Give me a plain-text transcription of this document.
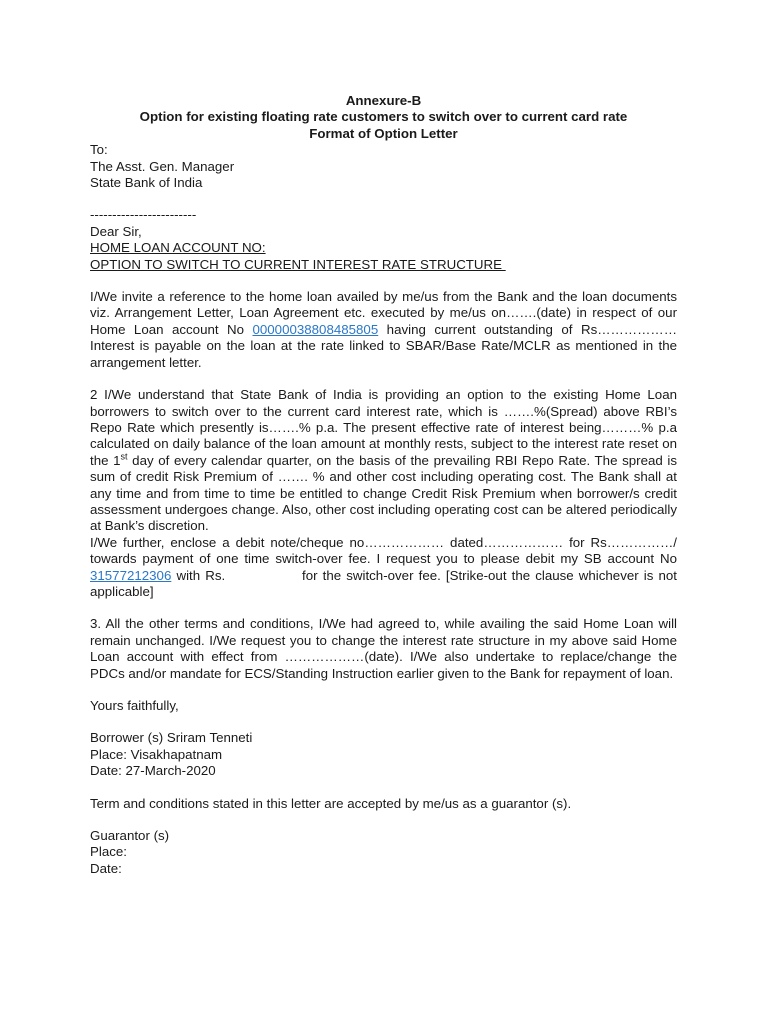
Annexure-B
Option for existing floating rate customers to switch over to current card rate
Format of Option Letter
To:
The Asst. Gen. Manager
State Bank of India
------------------------
Dear Sir,
HOME LOAN ACCOUNT NO:
OPTION TO SWITCH TO CURRENT INTEREST RATE STRUCTURE

I/We invite a reference to the home loan availed by me/us from the Bank and the loan documents viz. Arrangement Letter, Loan Agreement etc. executed by me/us on…….(date) in respect of our Home Loan account No 00000038808485805 having current outstanding of Rs……………… Interest is payable on the loan at the rate linked to SBAR/Base Rate/MCLR as mentioned in the arrangement letter.

2 I/We understand that State Bank of India is providing an option to the existing Home Loan borrowers to switch over to the current card interest rate, which is …….%(Spread) above RBI’s Repo Rate which presently is…….% p.a. The present effective rate of interest being………% p.a calculated on daily balance of the loan amount at monthly rests, subject to the interest rate reset on the 1st day of every calendar quarter, on the basis of the prevailing RBI Repo Rate. The spread is sum of credit Risk Premium of ……. % and other cost including operating cost. The Bank shall at any time and from time to time be entitled to change Credit Risk Premium when borrower/s credit assessment undergoes change. Also, other cost including operating cost can be altered periodically at Bank’s discretion.

I/We further, enclose a debit note/cheque no……………… dated……………… for Rs……………/ towards payment of one time switch-over fee. I request you to please debit my SB account No 31577212306 with Rs.               for the switch-over fee. [Strike-out the clause whichever is not applicable]

3. All the other terms and conditions, I/We had agreed to, while availing the said Home Loan will remain unchanged. I/We request you to change the interest rate structure in my above said Home Loan account with effect from ………………(date). I/We also undertake to replace/change the PDCs and/or mandate for ECS/Standing Instruction earlier given to the Bank for repayment of loan.

Yours faithfully,
Borrower (s) Sriram Tenneti
Place: Visakhapatnam
Date: 27-March-2020
Term and conditions stated in this letter are accepted by me/us as a guarantor (s).
Guarantor (s)
Place:
Date:
